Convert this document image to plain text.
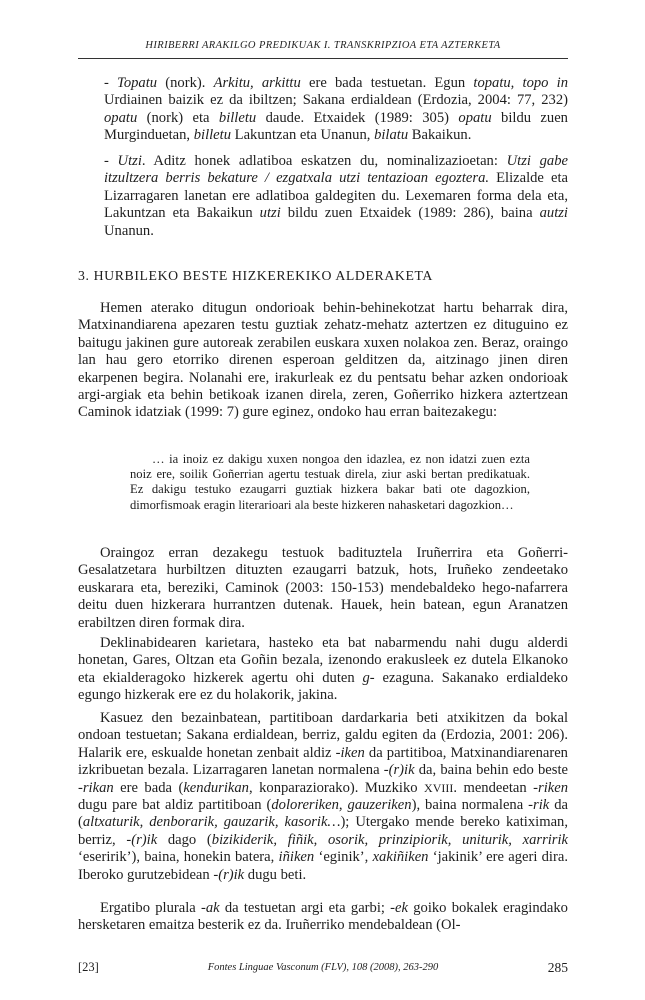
HIRIBERRI ARAKILGO PREDIKUAK I. TRANSKRIPZIOA ETA AZTERKETA
- Topatu (nork). Arkitu, arkittu ere bada testuetan. Egun topatu, topo in Urdiainen baizik ez da ibiltzen; Sakana erdialdean (Erdozia, 2004: 77, 232) opatu (nork) eta billetu daude. Etxaidek (1989: 305) opatu bildu zuen Murginduetan, billetu Lakuntzan eta Unanun, bilatu Bakaikun.
- Utzi. Aditz honek adlatiboa eskatzen du, nominalizazioetan: Utzi gabe itzultzera berris bekature / ezgatxala utzi tentazioan egoztera. Elizalde eta Lizarragaren lanetan ere adlatiboa galdegiten du. Lexemaren forma dela eta, Lakuntzan eta Bakaikun utzi bildu zuen Etxaidek (1989: 286), baina autzi Unanun.
3. HURBILEKO BESTE HIZKEREKIKO ALDERAKETA

Hemen aterako ditugun ondorioak behin-behinekotzat hartu beharrak dira, Matxinandiarena apezaren testu guztiak zehatz-mehatz aztertzen ez dituguino ez baitugu jakinen gure autoreak zerabilen euskara xuxen nolakoa zen. Beraz, oraingo lan hau gero etorriko direnen esperoan gelditzen da, aitzinago jinen diren ekarpenen begira. Nolanahi ere, irakurleak ez du pentsatu behar azken ondorioak argi-argiak eta behin betikoak izanen direla, zeren, Goñerriko hizkera aztertzean Caminok idatziak (1999: 7) gure eginez, ondoko hau erran baitezakegu:

… ia inoiz ez dakigu xuxen nongoa den idazlea, ez non idatzi zuen ezta noiz ere, soilik Goñerrian agertu testuak direla, ziur aski bertan predikatuak. Ez dakigu testuko ezaugarri guztiak hizkera bakar bati ote dagozkion, dimorfismoak eragin literarioari ala beste hizkeren nahasketari dagozkion…

Oraingoz erran dezakegu testuok badituztela Iruñerrira eta Goñerri-Gesalatzetara hurbiltzen dituzten ezaugarri batzuk, hots, Iruñeko zendeetako euskarara eta, bereziki, Caminok (2003: 150-153) mendebaldeko hego-nafarrera deitu duen hizkerara hurrantzen dutenak. Hauek, hein batean, egun Aranatzen erabiltzen diren formak dira.

Deklinabidearen karietara, hasteko eta bat nabarmendu nahi dugu alderdi honetan, Gares, Oltzan eta Goñin bezala, izenondo erakusleek ez dutela Elkanoko eta ekialderagoko hizkerek agertu ohi duten g- ezaguna. Sakanako erdialdeko egungo hizkerak ere ez du holakorik, jakina.

Kasuez den bezainbatean, partitiboan dardarkaria beti atxikitzen da bokal ondoan testuetan; Sakana erdialdean, berriz, galdu egiten da (Erdozia, 2001: 206). Halarik ere, eskualde honetan zenbait aldiz -iken da partitiboa, Matxinandiarenaren izkribuetan bezala. Lizarragaren lanetan normalena -(r)ik da, baina behin edo beste -rikan ere bada (kendurikan, konparaziorako). Muzkiko XVIII. mendeetan -riken dugu pare bat aldiz partitiboan (doloreriken, gauzeriken), baina normalena -rik da (altxaturik, denborarik, gauzarik, kasorik…); Utergako mende bereko katiximan, berriz, -(r)ik dago (bizikiderik, fiñik, osorik, prinzipiorik, uniturik, xarririk ‘eseririk’), baina, honekin batera, iñiken ‘eginik’, xakiñiken ‘jakinik’ ere ageri dira. Iberoko gurutzebidean -(r)ik dugu beti.

Ergatibo plurala -ak da testuetan argi eta garbi; -ek goiko bokalek eragindako hersketaren emaitza besterik ez da. Iruñerriko mendebaldean (Ol-

[23]	Fontes Linguae Vasconum (FLV), 108 (2008), 263-290	285
